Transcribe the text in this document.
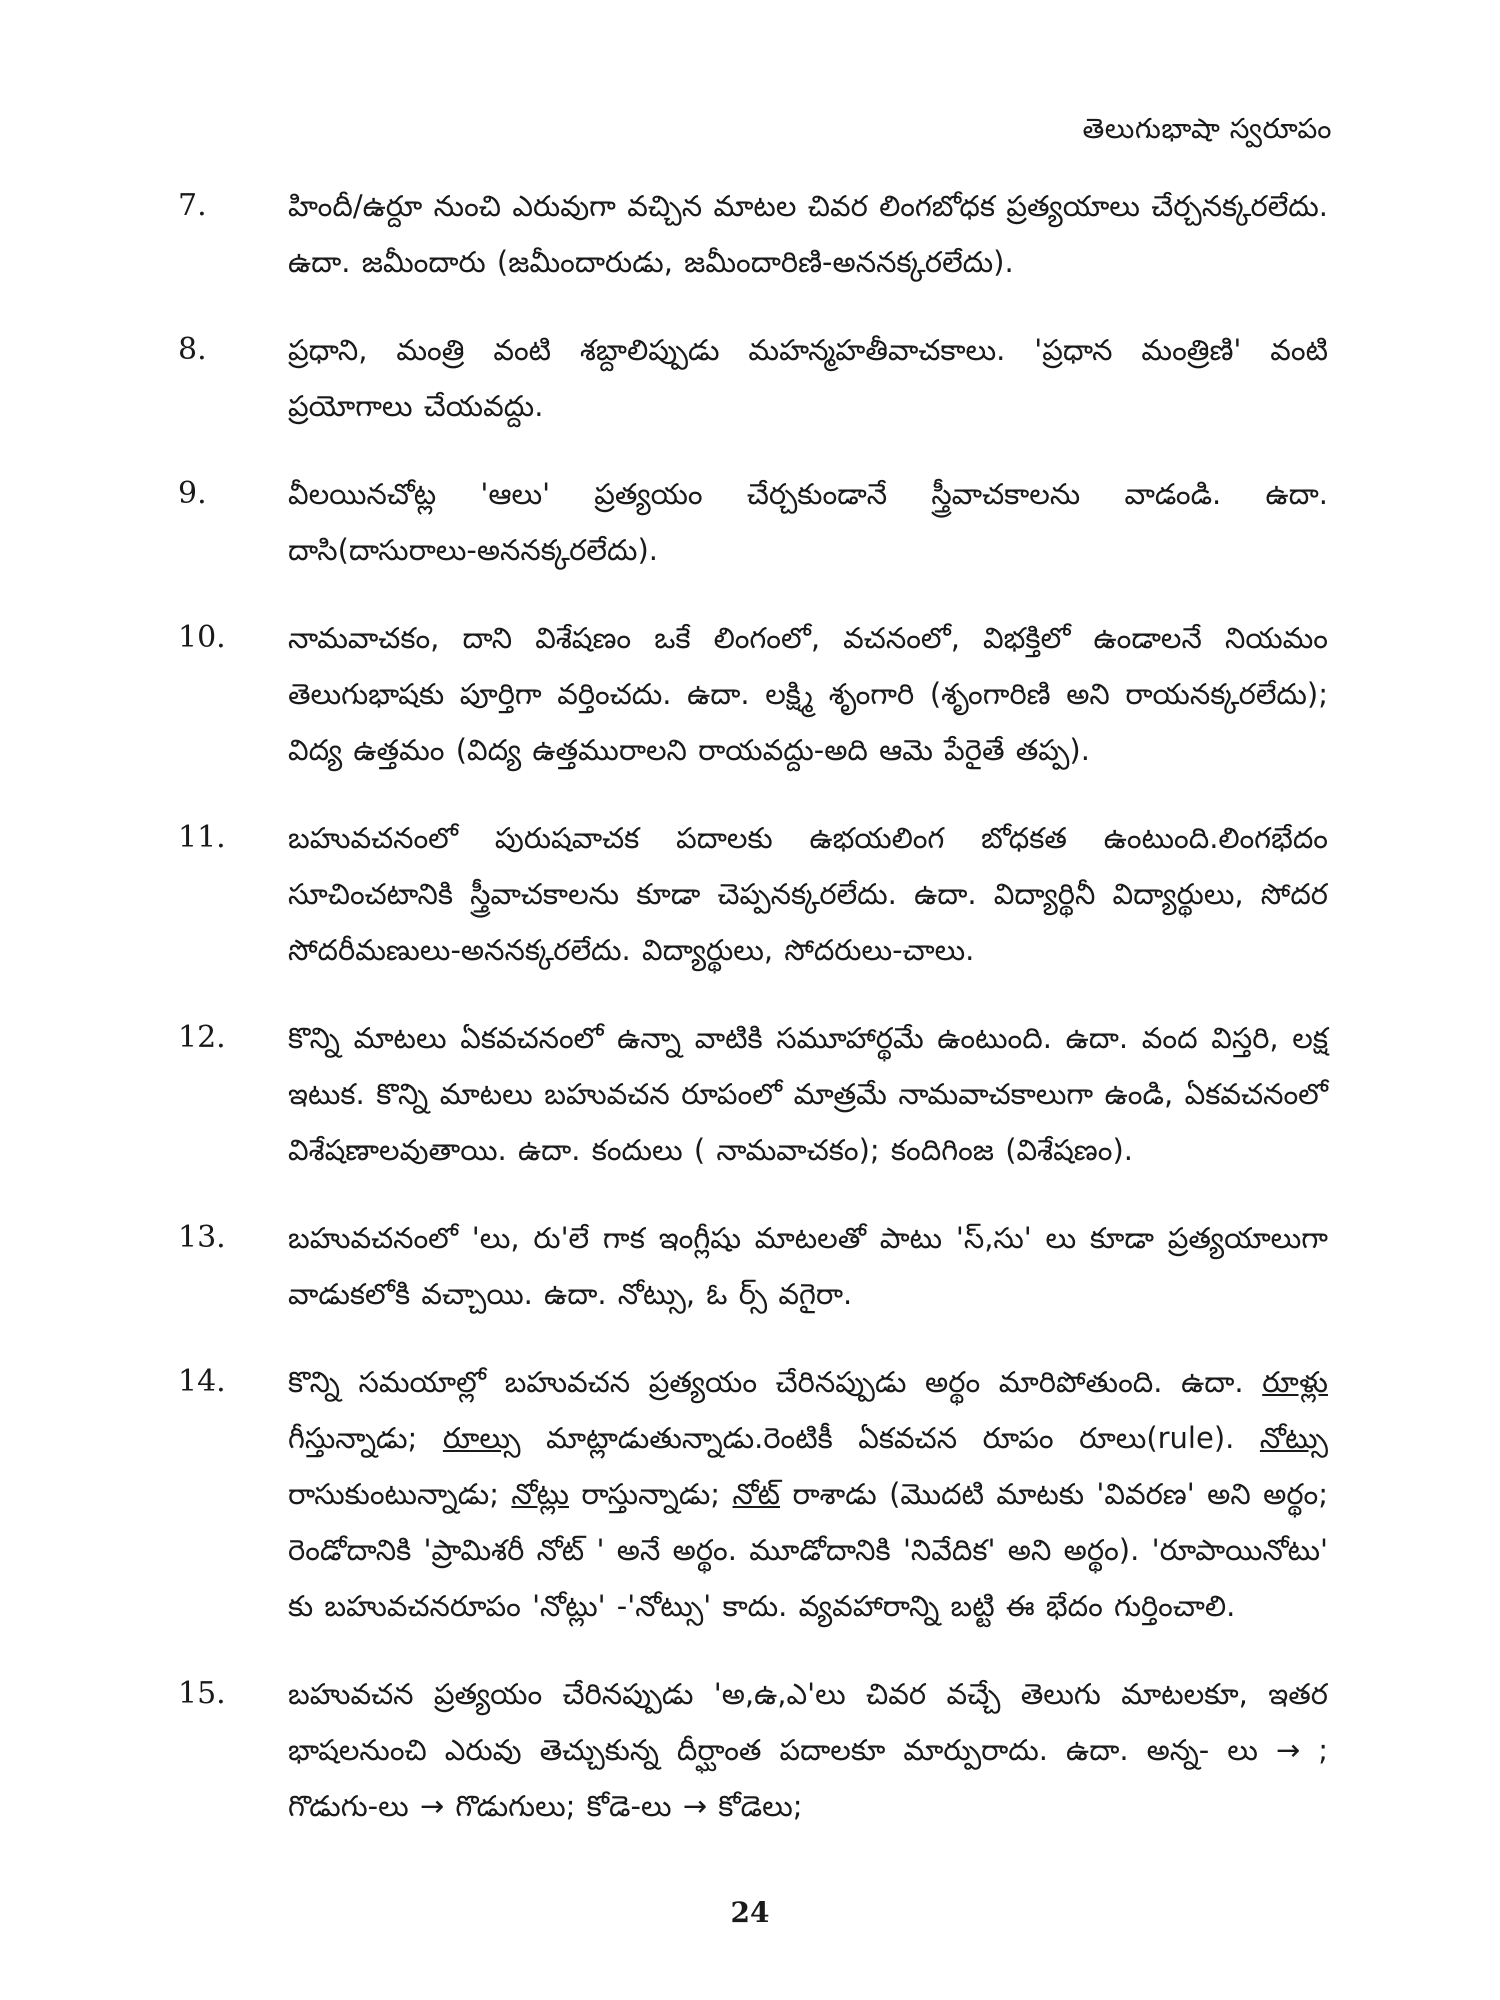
తెలుగుభాషా స్వరూపం
7.	హిందీ/ఉర్దూ నుంచి ఎరువుగా వచ్చిన మాటల చివర లింగబోధక ప్రత్యయాలు చేర్చనక్కరలేదు. ఉదా. జమీందారు (జమీందారుడు, జమీందారిణి-అననక్కరలేదు).
8.	ప్రధాని, మంత్రి వంటి శబ్దాలిప్పుడు మహన్మహతీవాచకాలు. 'ప్రధాన మంత్రిణి' వంటి ప్రయోగాలు చేయవద్దు.
9.	వీలయినచోట్ల 'ఆలు' ప్రత్యయం చేర్చకుండానే స్త్రీవాచకాలను వాడండి. ఉదా. దాసి(దాసురాలు-అననక్కరలేదు).
10.	నామవాచకం, దాని విశేషణం ఒకే లింగంలో, వచనంలో, విభక్తిలో ఉండాలనే నియమం తెలుగుభాషకు పూర్తిగా వర్తించదు. ఉదా. లక్ష్మి శృంగారి (శృంగారిణి అని రాయనక్కరలేదు); విద్య ఉత్తమం (విద్య ఉత్తమురాలని రాయవద్దు-అది ఆమె పేరైతే తప్ప).
11.	బహువచనంలో పురుషవాచక పదాలకు ఉభయలింగ బోధకత ఉంటుంది.లింగభేదం సూచించటానికి స్త్రీవాచకాలను కూడా చెప్పనక్కరలేదు. ఉదా. విద్యార్థినీ విద్యార్థులు, సోదర సోదరీమణులు-అననక్కరలేదు. విద్యార్థులు, సోదరులు-చాలు.
12.	కొన్ని మాటలు ఏకవచనంలో ఉన్నా వాటికి సమూహార్థమే ఉంటుంది. ఉదా. వంద విస్తరి, లక్ష ఇటుక. కొన్ని మాటలు బహువచన రూపంలో మాత్రమే నామవాచకాలుగా ఉండి, ఏకవచనంలో విశేషణాలవుతాయి. ఉదా. కందులు ( నామవాచకం); కందిగింజ (విశేషణం).
13.	బహువచనంలో 'లు, రు'లే గాక ఇంగ్లీషు మాటలతో పాటు 'స్,సు' లు కూడా ప్రత్యయాలుగా వాడుకలోకి వచ్చాయి. ఉదా. నోట్సు, ఓ ర్స్ వగైరా.
14.	కొన్ని సమయాల్లో బహువచన ప్రత్యయం చేరినప్పుడు అర్థం మారిపోతుంది. ఉదా. రూళ్లు గీస్తున్నాడు; రూల్సు మాట్లాడుతున్నాడు.రెంటికీ ఏకవచన రూపం రూలు(rule). నోట్సు రాసుకుంటున్నాడు; నోట్లు రాస్తున్నాడు; నోట్ రాశాడు (మొదటి మాటకు 'వివరణ' అని అర్థం; రెండోదానికి 'ప్రామిశరీ నోట్ ' అనే అర్థం. మూడోదానికి 'నివేదిక' అని అర్థం). 'రూపాయినోటు' కు బహువచనరూపం 'నోట్లు' -'నోట్సు' కాదు. వ్యవహారాన్ని బట్టి ఈ భేదం గుర్తించాలి.
15.	బహువచన ప్రత్యయం చేరినప్పుడు 'అ,ఉ,ఎ'లు చివర వచ్చే తెలుగు మాటలకూ, ఇతర భాషలనుంచి ఎరువు తెచ్చుకున్న దీర్ఘాంత పదాలకూ మార్పురాదు. ఉదా. అన్న- లు → ; గొడుగు-లు → గొడుగులు; కోడె-లు → కోడెలు;
24
